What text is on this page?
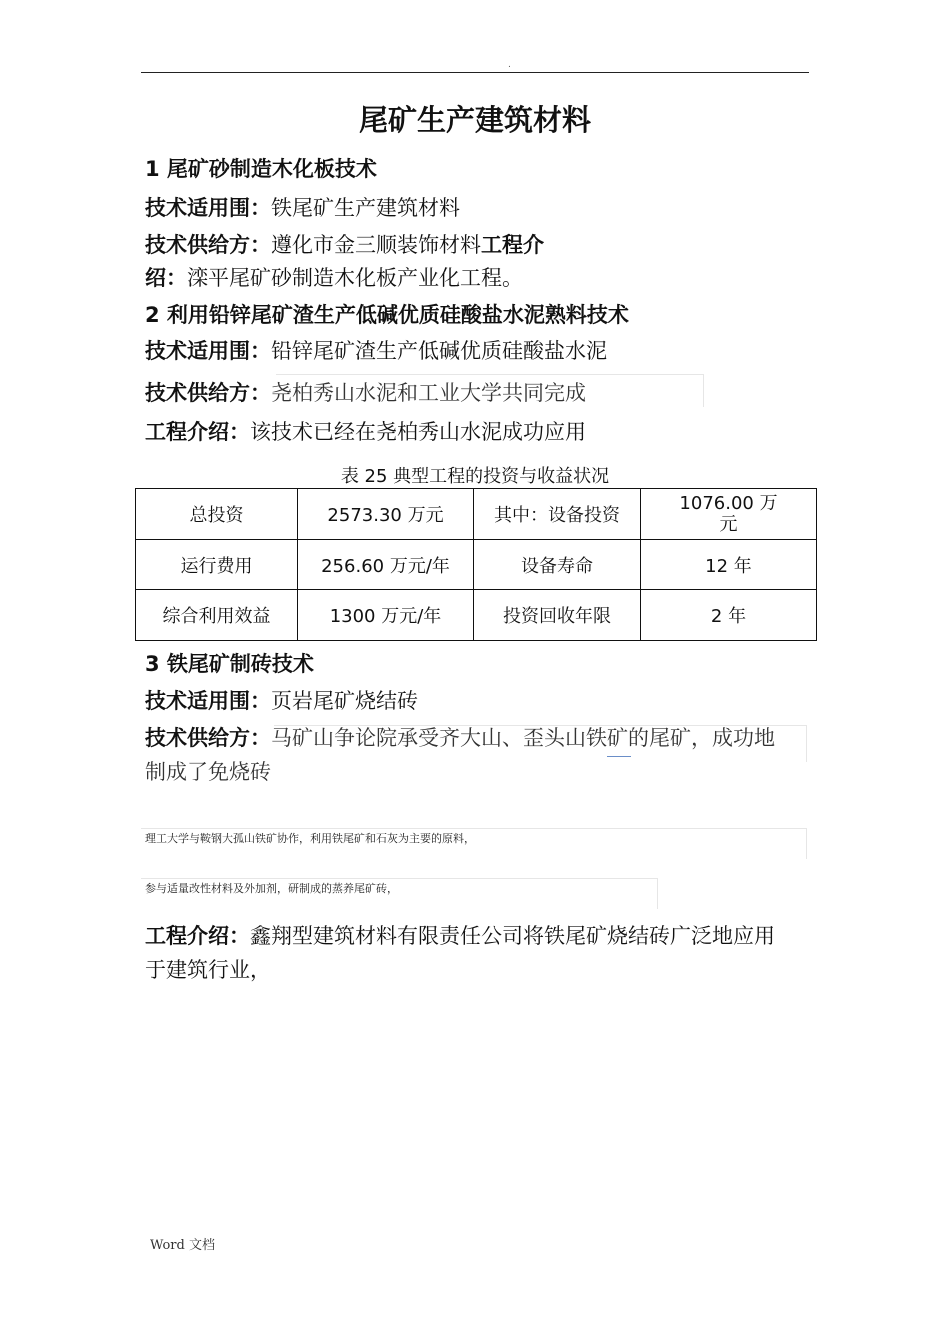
.
尾矿生产建筑材料
1 尾矿砂制造木化板技术
技术适用围：铁尾矿生产建筑材料
技术供给方：遵化市金三顺装饰材料工程介
绍：滦平尾矿砂制造木化板产业化工程。
2 利用铅锌尾矿渣生产低碱优质硅酸盐水泥熟料技术
技术适用围：铅锌尾矿渣生产低碱优质硅酸盐水泥
技术供给方：尧柏秀山水泥和工业大学共同完成
工程介绍：该技术已经在尧柏秀山水泥成功应用
表 25 典型工程的投资与收益状况
总投资	2573.30 万元	其中：设备投资	1076.00 万元

运行费用	256.60 万元/年	设备寿命	12 年
综合利用效益	1300 万元/年	投资回收年限	2 年
3 铁尾矿制砖技术
技术适用围：页岩尾矿烧结砖
技术供给方：马矿山争论院承受齐大山、歪头山铁矿的尾矿，成功地
制成了免烧砖
理工大学与鞍钢大孤山铁矿协作，利用铁尾矿和石灰为主要的原料，
参与适量改性材料及外加剂，研制成的蒸养尾矿砖，
工程介绍：鑫翔型建筑材料有限责任公司将铁尾矿烧结砖广泛地应用
于建筑行业，
Word 文档
